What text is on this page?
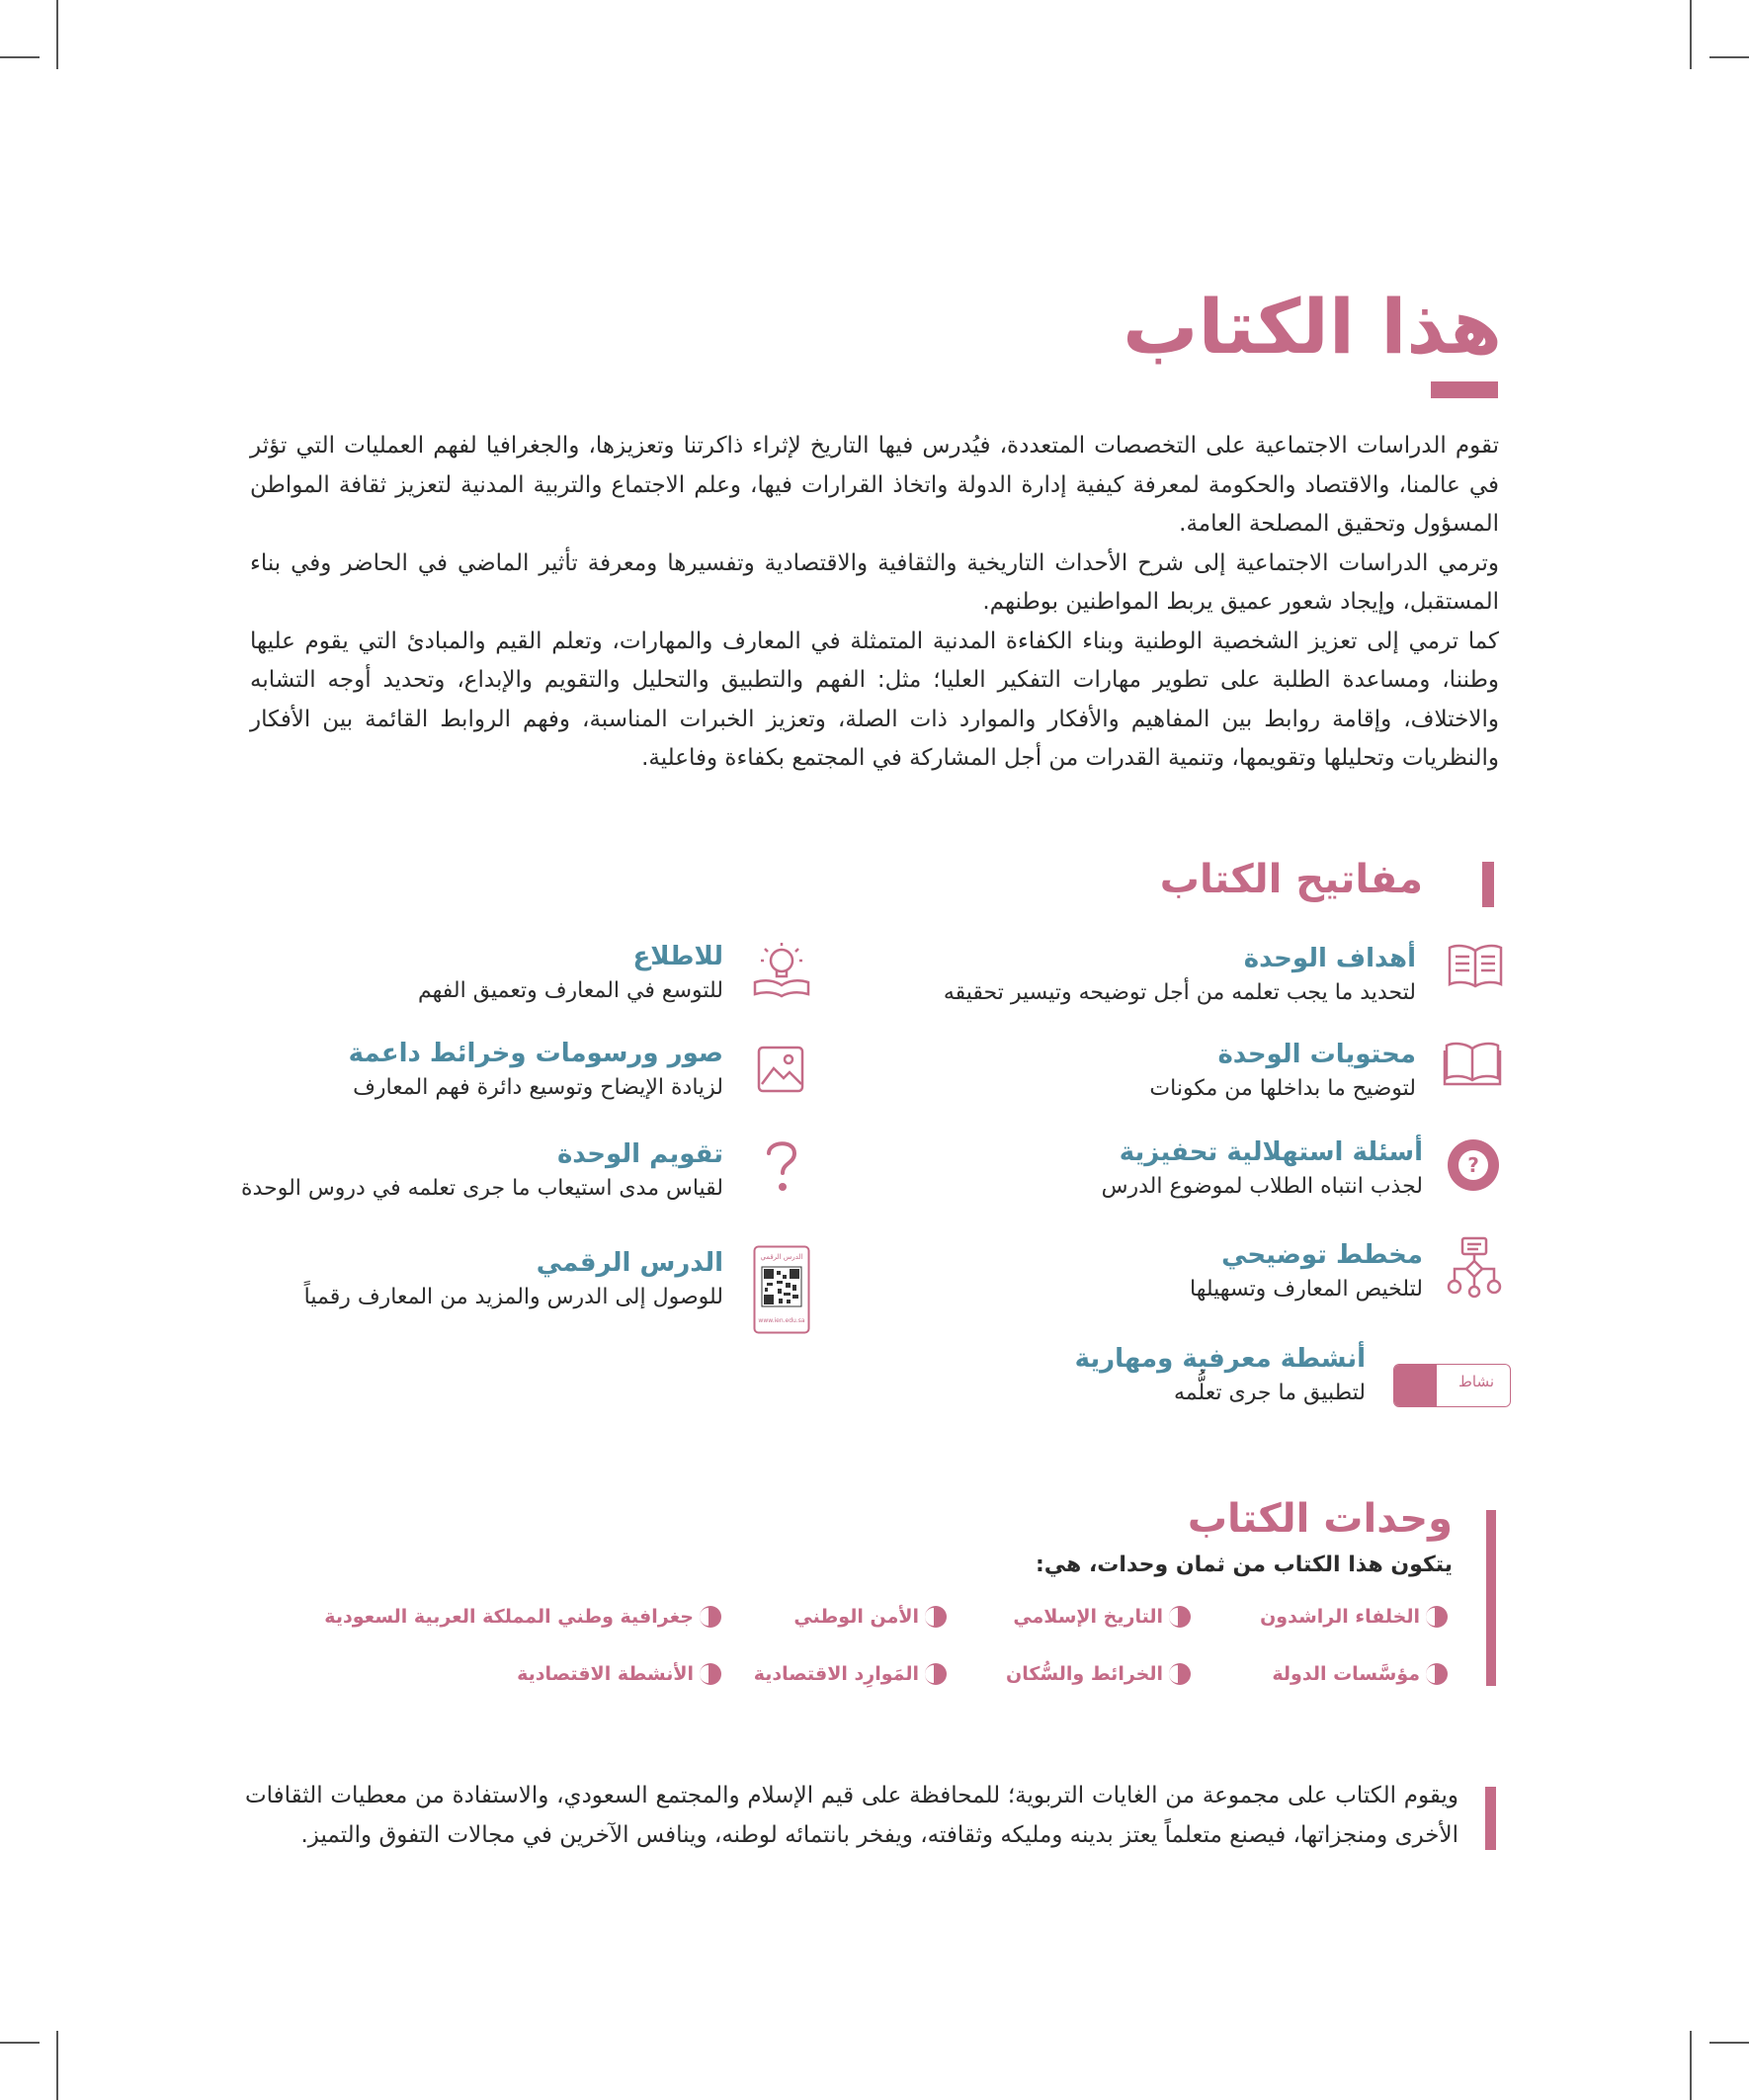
هذا الكتاب

تقوم الدراسات الاجتماعية على التخصصات المتعددة، فيُدرس فيها التاريخ لإثراء ذاكرتنا وتعزيزها، والجغرافيا لفهم العمليات التي تؤثر في عالمنا، والاقتصاد والحكومة لمعرفة كيفية إدارة الدولة واتخاذ القرارات فيها، وعلم الاجتماع والتربية المدنية لتعزيز ثقافة المواطن المسؤول وتحقيق المصلحة العامة.

وترمي الدراسات الاجتماعية إلى شرح الأحداث التاريخية والثقافية والاقتصادية وتفسيرها ومعرفة تأثير الماضي في الحاضر وفي بناء المستقبل، وإيجاد شعور عميق يربط المواطنين بوطنهم.

كما ترمي إلى تعزيز الشخصية الوطنية وبناء الكفاءة المدنية المتمثلة في المعارف والمهارات، وتعلم القيم والمبادئ التي يقوم عليها وطننا، ومساعدة الطلبة على تطوير مهارات التفكير العليا؛ مثل: الفهم والتطبيق والتحليل والتقويم والإبداع، وتحديد أوجه التشابه والاختلاف، وإقامة روابط بين المفاهيم والأفكار والموارد ذات الصلة، وتعزيز الخبرات المناسبة، وفهم الروابط القائمة بين الأفكار والنظريات وتحليلها وتقويمها، وتنمية القدرات من أجل المشاركة في المجتمع بكفاءة وفاعلية.

مفاتيح الكتاب
أهداف الوحدة
لتحديد ما يجب تعلمه من أجل توضيحه وتيسير تحقيقه
محتويات الوحدة
لتوضيح ما بداخلها من مكونات
?
أسئلة استهلالية تحفيزية
لجذب انتباه الطلاب لموضوع الدرس
مخطط توضيحي
لتلخيص المعارف وتسهيلها
نشاط
أنشطة معرفية ومهارية
لتطبيق ما جرى تعلُّمه
للاطلاع
للتوسع في المعارف وتعميق الفهم
صور ورسومات وخرائط داعمة
لزيادة الإيضاح وتوسيع دائرة فهم المعارف
تقويم الوحدة
لقياس مدى استيعاب ما جرى تعلمه في دروس الوحدة
الدرس الرقمي
www.ien.edu.sa
الدرس الرقمي
للوصول إلى الدرس والمزيد من المعارف رقمياً
وحدات الكتاب
يتكون هذا الكتاب من ثمان وحدات، هي:
الخلفاء الراشدون
التاريخ الإسلامي
الأمن الوطني
جغرافية وطني المملكة العربية السعودية
مؤسَّسات الدولة
الخرائط والسُّكان
المَوارِد الاقتصادية
الأنشطة الاقتصادية

ويقوم الكتاب على مجموعة من الغايات التربوية؛ للمحافظة على قيم الإسلام والمجتمع السعودي، والاستفادة من معطيات الثقافات الأخرى ومنجزاتها، فيصنع متعلماً يعتز بدينه ومليكه وثقافته، ويفخر بانتمائه لوطنه، وينافس الآخرين في مجالات التفوق والتميز.
